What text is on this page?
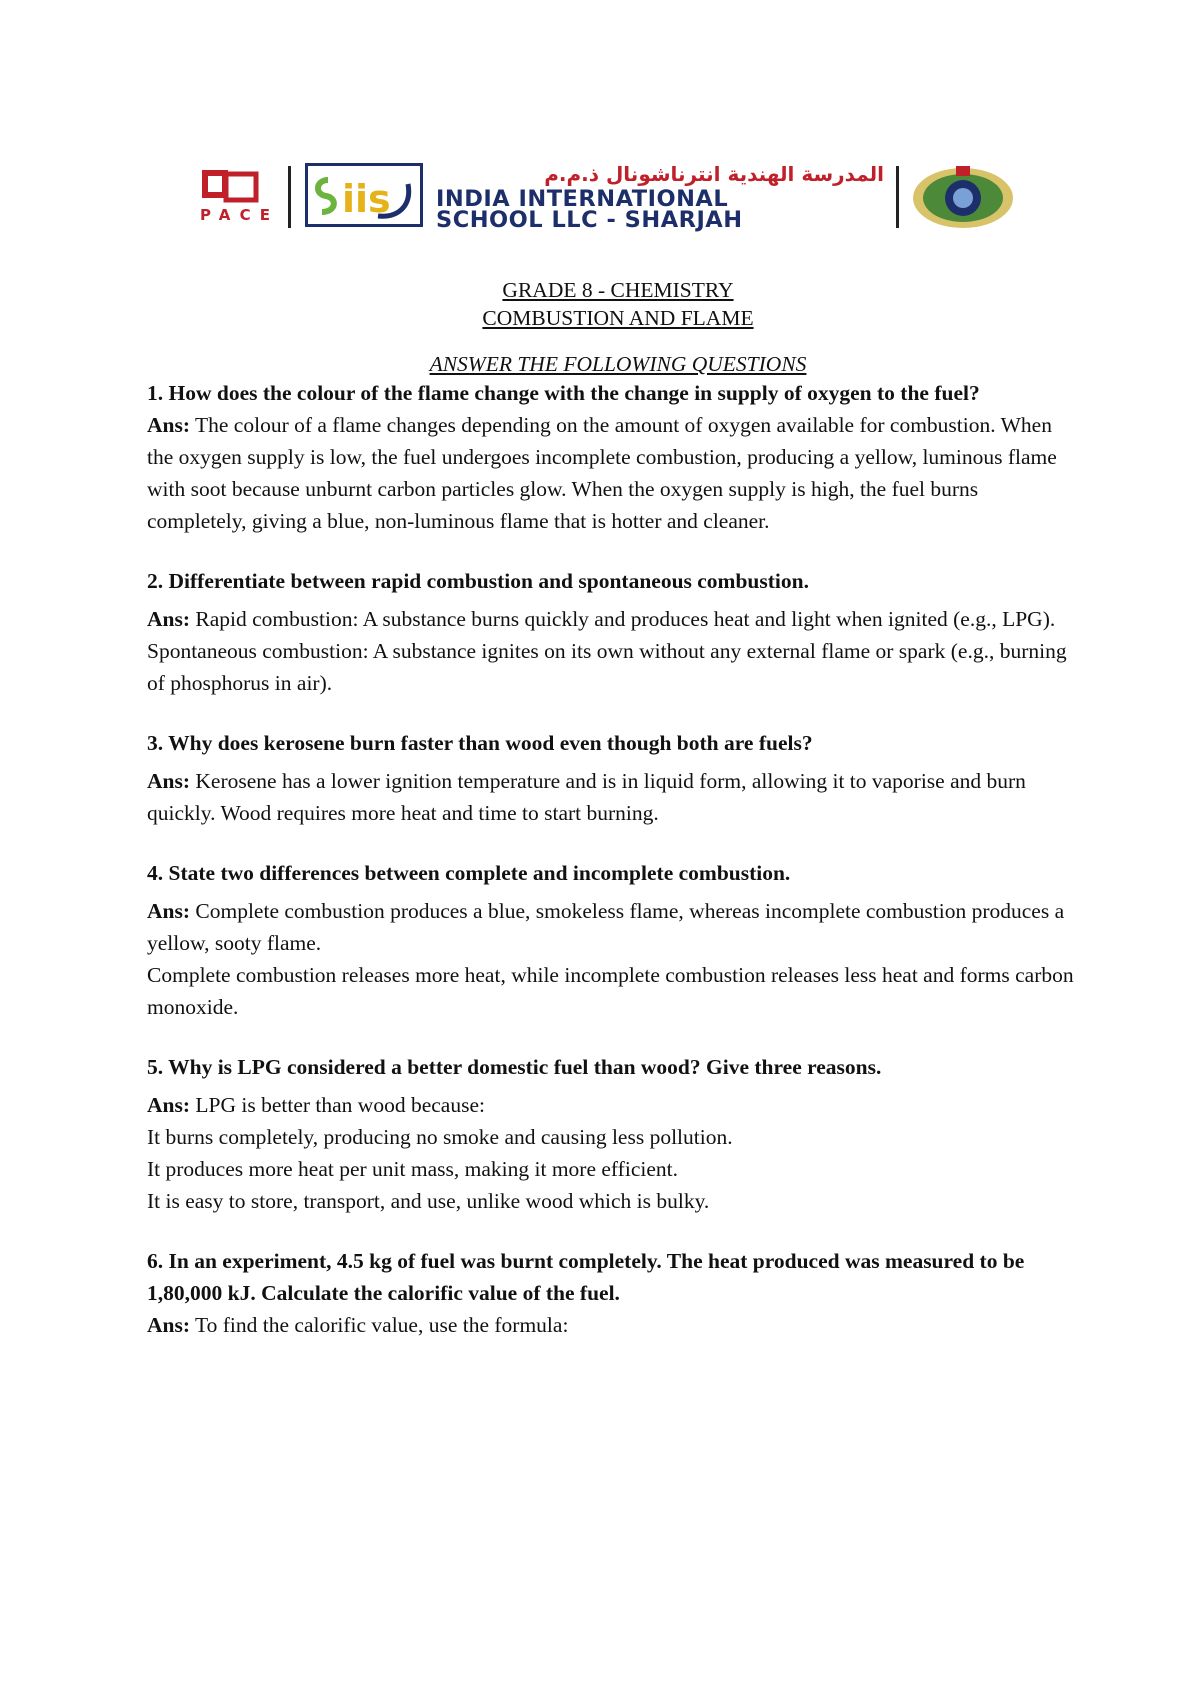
PACE iis
المدرسة الهندية انترناشونال ذ.م.م
INDIA INTERNATIONAL
SCHOOL LLC - SHARJAH
GRADE 8 - CHEMISTRY
COMBUSTION AND FLAME
ANSWER THE FOLLOWING QUESTIONS

1. How does the colour of the flame change with the change in supply of oxygen to the fuel?

Ans: The colour of a flame changes depending on the amount of oxygen available for combustion. When the oxygen supply is low, the fuel undergoes incomplete combustion, producing a yellow, luminous flame with soot because unburnt carbon particles glow. When the oxygen supply is high, the fuel burns completely, giving a blue, non-luminous flame that is hotter and cleaner.

2. Differentiate between rapid combustion and spontaneous combustion.

Ans: Rapid combustion: A substance burns quickly and produces heat and light when ignited (e.g., LPG).

Spontaneous combustion: A substance ignites on its own without any external flame or spark (e.g., burning of phosphorus in air).

3. Why does kerosene burn faster than wood even though both are fuels?

Ans: Kerosene has a lower ignition temperature and is in liquid form, allowing it to vaporise and burn quickly. Wood requires more heat and time to start burning.

4. State two differences between complete and incomplete combustion.

Ans: Complete combustion produces a blue, smokeless flame, whereas incomplete combustion produces a yellow, sooty flame.

Complete combustion releases more heat, while incomplete combustion releases less heat and forms carbon monoxide.

5. Why is LPG considered a better domestic fuel than wood? Give three reasons.

Ans: LPG is better than wood because:

It burns completely, producing no smoke and causing less pollution.

It produces more heat per unit mass, making it more efficient.

It is easy to store, transport, and use, unlike wood which is bulky.

6. In an experiment, 4.5 kg of fuel was burnt completely. The heat produced was measured to be 1,80,000 kJ. Calculate the calorific value of the fuel.

Ans: To find the calorific value, use the formula:
